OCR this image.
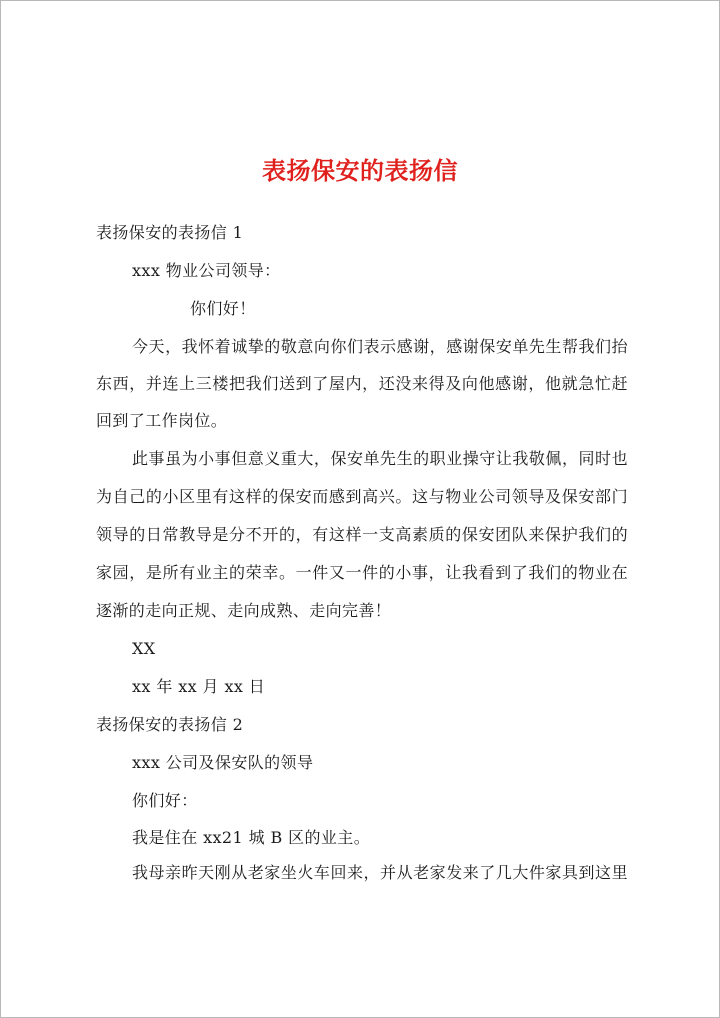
表扬保安的表扬信
表扬保安的表扬信 1
xxx 物业公司领导：
你们好！
今天，我怀着诚挚的敬意向你们表示感谢，感谢保安单先生帮我们抬
东西，并连上三楼把我们送到了屋内，还没来得及向他感谢，他就急忙赶
回到了工作岗位。
此事虽为小事但意义重大，保安单先生的职业操守让我敬佩，同时也
为自己的小区里有这样的保安而感到高兴。这与物业公司领导及保安部门
领导的日常教导是分不开的，有这样一支高素质的保安团队来保护我们的
家园，是所有业主的荣幸。一件又一件的小事，让我看到了我们的物业在
逐渐的走向正规、走向成熟、走向完善！
XX
xx 年 xx 月 xx 日
表扬保安的表扬信 2
xxx 公司及保安队的领导
你们好：
我是住在 xx21 城 B 区的业主。
我母亲昨天刚从老家坐火车回来，并从老家发来了几大件家具到这里
